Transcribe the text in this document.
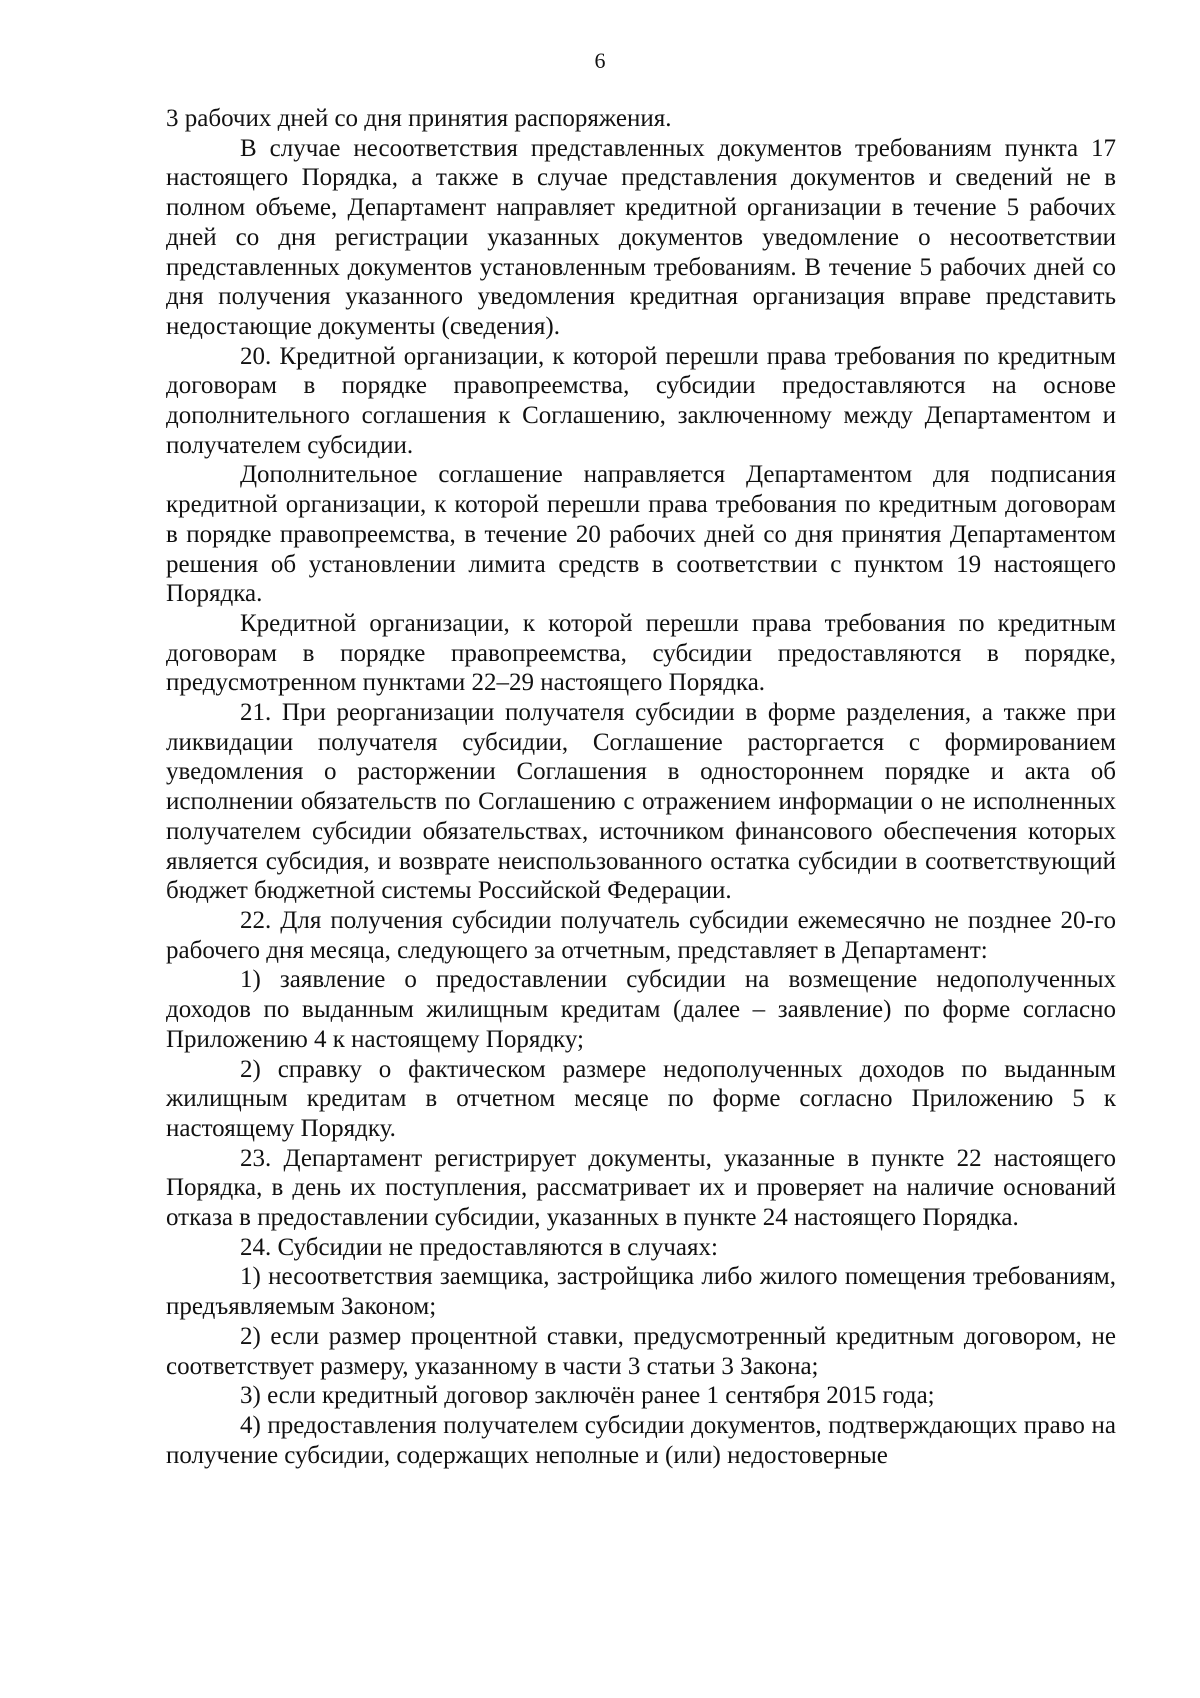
6

3 рабочих дней со дня принятия распоряжения.

В случае несоответствия представленных документов требованиям пункта 17 настоящего Порядка, а также в случае представления документов и сведений не в полном объеме, Департамент направляет кредитной организации в течение 5 рабочих дней со дня регистрации указанных документов уведомление о несоответствии представленных документов установленным требованиям. В течение 5 рабочих дней со дня получения указанного уведомления кредитная организация вправе представить недостающие документы (сведения).

20. Кредитной организации, к которой перешли права требования по кредитным договорам в порядке правопреемства, субсидии предоставляются на основе дополнительного соглашения к Соглашению, заключенному между Департаментом и получателем субсидии.

Дополнительное соглашение направляется Департаментом для подписания кредитной организации, к которой перешли права требования по кредитным договорам в порядке правопреемства, в течение 20 рабочих дней со дня принятия Департаментом решения об установлении лимита средств в соответствии с пунктом 19 настоящего Порядка.

Кредитной организации, к которой перешли права требования по кредитным договорам в порядке правопреемства, субсидии предоставляются в порядке, предусмотренном пунктами 22–29 настоящего Порядка.

21. При реорганизации получателя субсидии в форме разделения, а также при ликвидации получателя субсидии, Соглашение расторгается с формированием уведомления о расторжении Соглашения в одностороннем порядке и акта об исполнении обязательств по Соглашению с отражением информации о не исполненных получателем субсидии обязательствах, источником финансового обеспечения которых является субсидия, и возврате неиспользованного остатка субсидии в соответствующий бюджет бюджетной системы Российской Федерации.

22. Для получения субсидии получатель субсидии ежемесячно не позднее 20-го рабочего дня месяца, следующего за отчетным, представляет в Департамент:

1) заявление о предоставлении субсидии на возмещение недополученных доходов по выданным жилищным кредитам (далее – заявление) по форме согласно Приложению 4 к настоящему Порядку;

2) справку о фактическом размере недополученных доходов по выданным жилищным кредитам в отчетном месяце по форме согласно Приложению 5 к настоящему Порядку.

23. Департамент регистрирует документы, указанные в пункте 22 настоящего Порядка, в день их поступления, рассматривает их и проверяет на наличие оснований отказа в предоставлении субсидии, указанных в пункте 24 настоящего Порядка.

24. Субсидии не предоставляются в случаях:

1) несоответствия заемщика, застройщика либо жилого помещения требованиям, предъявляемым Законом;

2) если размер процентной ставки, предусмотренный кредитным договором, не соответствует размеру, указанному в части 3 статьи 3 Закона;

3) если кредитный договор заключён ранее 1 сентября 2015 года;

4) предоставления получателем субсидии документов, подтверждающих право на получение субсидии, содержащих неполные и (или) недостоверные
